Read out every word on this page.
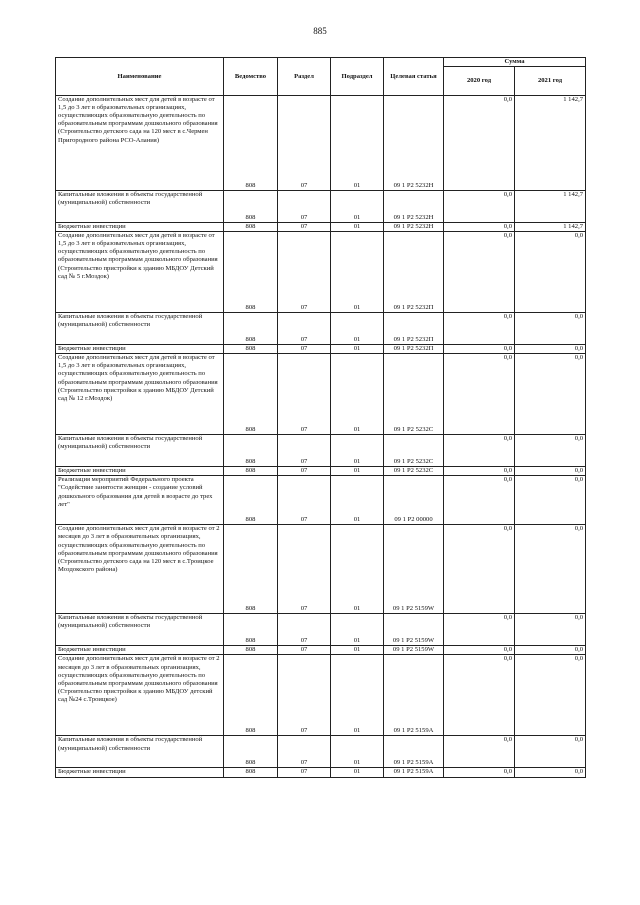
885
Наименование	Ведомство	Раздел	Подраздел	Целевая статья	Сумма	
					2020 год	2021 год

Создание дополнительных мест для детей в возрасте от 1,5 до 3 лет в образовательных организациях, осуществляющих образовательную деятельность по образовательным программам дошкольного образования (Строительство детского сада на 120 мест в с.Чермен Пригородного района РСО-Алания)	808	07	01	09 1 P2 5232Н	0,0	1 142,7

Капитальные вложения в объекты государственной (муниципальной) собственности	808	07	01	09 1 P2 5232Н	0,0	1 142,7

Бюджетные инвестиции	808	07	01	09 1 P2 5232Н	0,0	1 142,7

Создание дополнительных мест для детей в возрасте от 1,5 до 3 лет в образовательных организациях, осуществляющих образовательную деятельность по образовательным программам дошкольного образования (Строительство пристройки к зданию МБДОУ Детский сад № 5 г.Моздок)	808	07	01	09 1 P2 5232П	0,0	0,0

Капитальные вложения в объекты государственной (муниципальной) собственности	808	07	01	09 1 P2 5232П	0,0	0,0

Бюджетные инвестиции	808	07	01	09 1 P2 5232П	0,0	0,0

Создание дополнительных мест для детей в возрасте от 1,5 до 3 лет в образовательных организациях, осуществляющих образовательную деятельность по образовательным программам дошкольного образования (Строительство пристройки к зданию МБДОУ Детский сад № 12 г.Моздок)	808	07	01	09 1 P2 5232С	0,0	0,0

Капитальные вложения в объекты государственной (муниципальной) собственности	808	07	01	09 1 P2 5232С	0,0	0,0

Бюджетные инвестиции	808	07	01	09 1 P2 5232С	0,0	0,0

Реализация мероприятий Федерального проекта "Содействие занятости женщин - создание условий дошкольного образования для детей в возрасте до трех лет"	808	07	01	09 1 P2 00000	0,0	0,0

Создание дополнительных мест для детей в возрасте от 2 месяцев до 3 лет в образовательных организациях, осуществляющих образовательную деятельность по образовательным программам дошкольного образования (Строительство детского сада на 120 мест в с.Троицкое Моздокского района)	808	07	01	09 1 P2 5159W	0,0	0,0

Капитальные вложения в объекты государственной (муниципальной) собственности	808	07	01	09 1 P2 5159W	0,0	0,0

Бюджетные инвестиции	808	07	01	09 1 P2 5159W	0,0	0,0

Создание дополнительных мест для детей в возрасте от 2 месяцев до 3 лет в образовательных организациях, осуществляющих образовательную деятельность по образовательным программам дошкольного образования (Строительство пристройки к зданию МБДОУ детский сад №24 с.Троицкое)	808	07	01	09 1 P2 5159A	0,0	0,0

Капитальные вложения в объекты государственной (муниципальной) собственности	808	07	01	09 1 P2 5159A	0,0	0,0

Бюджетные инвестиции	808	07	01	09 1 P2 5159A	0,0	0,0
